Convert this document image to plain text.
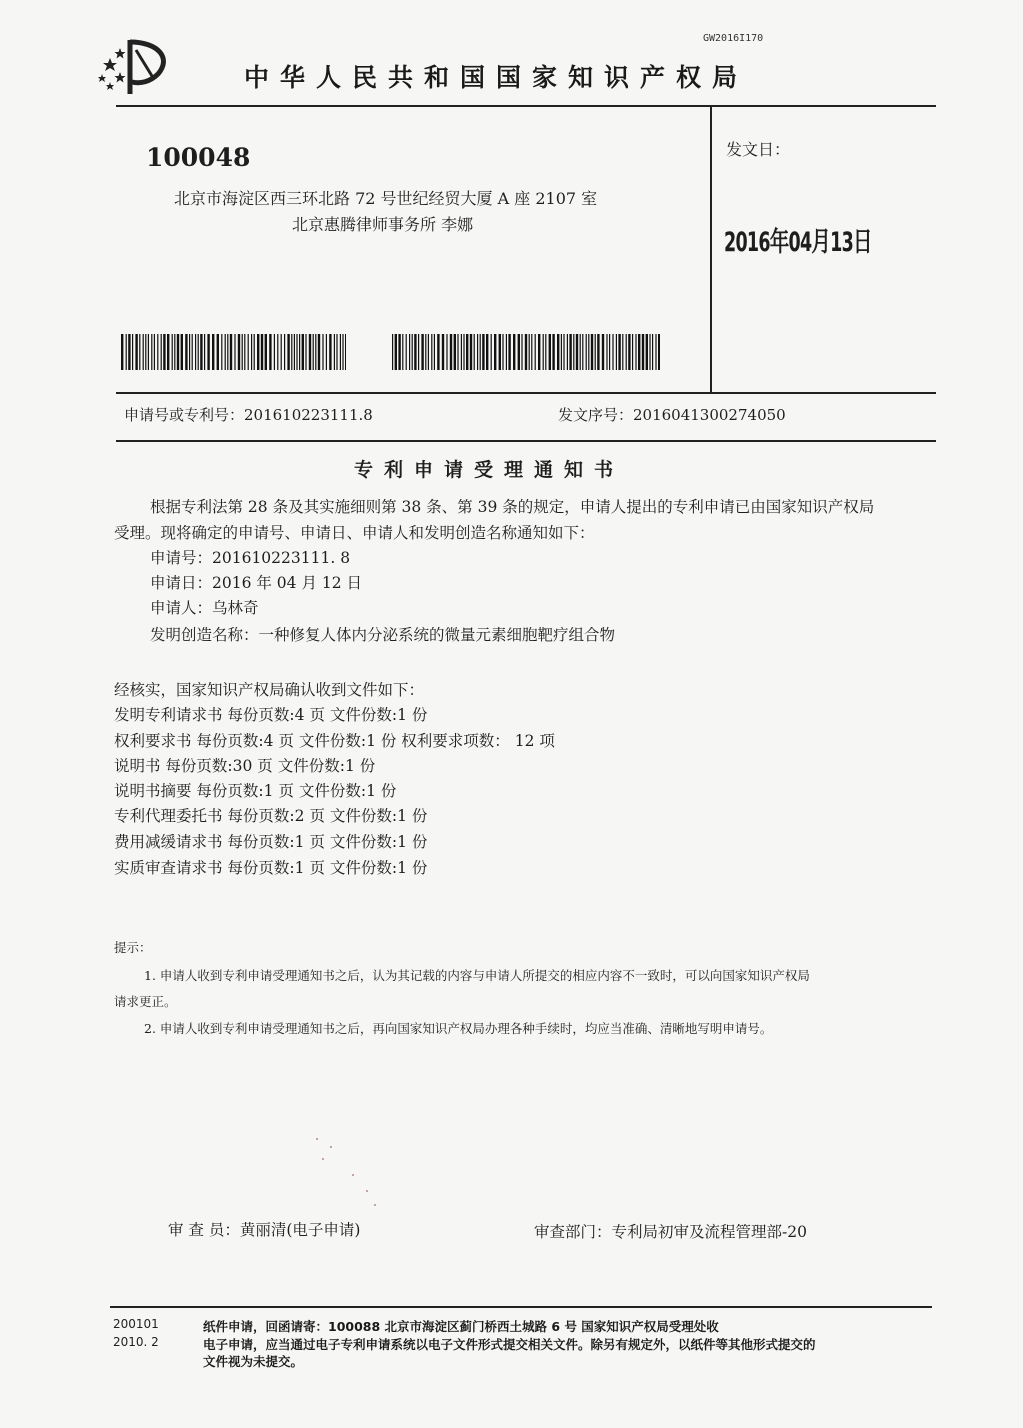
GW2016I170
中华人民共和国国家知识产权局
100048
北京市海淀区西三环北路 72 号世纪经贸大厦 A 座 2107 室
北京惠腾律师事务所 李娜
发文日：
2016年04月13日
申请号或专利号：201610223111.8	发文序号：2016041300274050
专利申请受理通知书
根据专利法第 28 条及其实施细则第 38 条、第 39 条的规定，申请人提出的专利申请已由国家知识产权局
受理。现将确定的申请号、申请日、申请人和发明创造名称通知如下：
申请号：201610223111. 8
申请日：2016 年 04 月 12 日
申请人：乌林奇
发明创造名称：一种修复人体内分泌系统的微量元素细胞靶疗组合物
经核实，国家知识产权局确认收到文件如下：
发明专利请求书 每份页数:4 页 文件份数:1 份
权利要求书 每份页数:4 页 文件份数:1 份 权利要求项数： 12 项
说明书 每份页数:30 页 文件份数:1 份
说明书摘要 每份页数:1 页 文件份数:1 份
专利代理委托书 每份页数:2 页 文件份数:1 份
费用减缓请求书 每份页数:1 页 文件份数:1 份
实质审查请求书 每份页数:1 页 文件份数:1 份
提示：
1. 申请人收到专利申请受理通知书之后，认为其记载的内容与申请人所提交的相应内容不一致时，可以向国家知识产权局
请求更正。
2. 申请人收到专利申请受理通知书之后，再向国家知识产权局办理各种手续时，均应当准确、清晰地写明申请号。
审 查 员：黄丽清(电子申请)	审查部门：专利局初审及流程管理部-20
200101
2010. 2
纸件申请，回函请寄：100088 北京市海淀区蓟门桥西土城路 6 号 国家知识产权局受理处收
电子申请，应当通过电子专利申请系统以电子文件形式提交相关文件。除另有规定外，以纸件等其他形式提交的
文件视为未提交。
